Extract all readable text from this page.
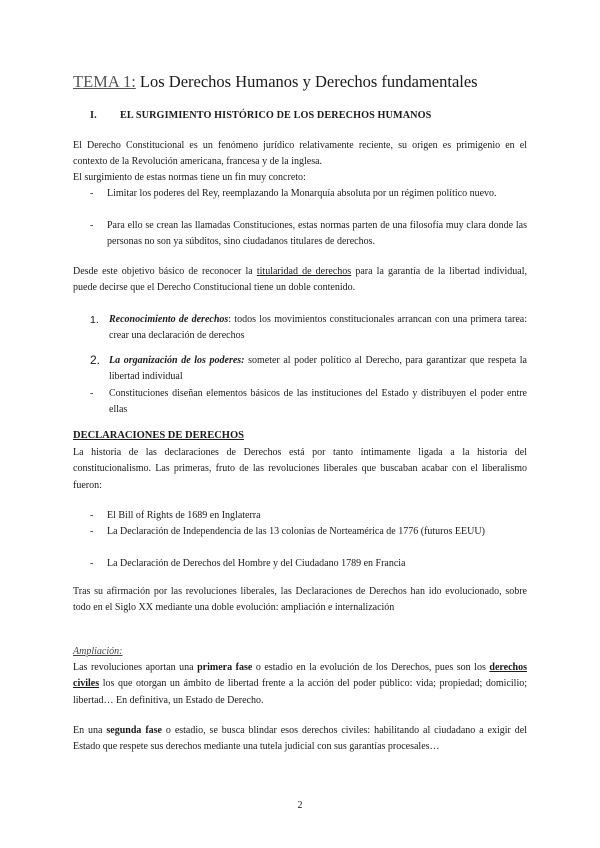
TEMA 1: Los Derechos Humanos y Derechos fundamentales
I. EL SURGIMIENTO HISTÓRICO DE LOS DERECHOS HUMANOS
El Derecho Constitucional es un fenómeno jurídico relativamente reciente, su origen es primigenio en el contexto de la Revolución americana, francesa y de la inglesa.
El surgimiento de estas normas tiene un fin muy concreto:
- Limitar los poderes del Rey, reemplazando la Monarquía absoluta por un régimen político nuevo.
- Para ello se crean las llamadas Constituciones, estas normas parten de una filosofía muy clara donde las personas no son ya súbditos, sino ciudadanos titulares de derechos.
Desde este objetivo básico de reconocer la titularidad de derechos para la garantía de la libertad individual, puede decirse que el Derecho Constitucional tiene un doble contenido.
1. Reconocimiento de derechos: todos los movimientos constitucionales arrancan con una primera tarea: crear una declaración de derechos
2. La organización de los poderes: someter al poder político al Derecho, para garantizar que respeta la libertad individual
- Constituciones diseñan elementos básicos de las instituciones del Estado y distribuyen el poder entre ellas
DECLARACIONES DE DERECHOS
La historia de las declaraciones de Derechos está por tanto íntimamente ligada a la historia del constitucionalismo. Las primeras, fruto de las revoluciones liberales que buscaban acabar con el liberalismo fueron:
- El Bill of Rights de 1689 en Inglaterra
- La Declaración de Independencia de las 13 colonias de Norteamérica de 1776 (futuros EEUU)
- La Declaración de Derechos del Hombre y del Ciudadano 1789 en Francia
Tras su afirmación por las revoluciones liberales, las Declaraciones de Derechos han ido evolucionado, sobre todo en el Siglo XX mediante una doble evolución: ampliación e internalización
Ampliación:
Las revoluciones aportan una primera fase o estadio en la evolución de los Derechos, pues son los derechos civiles los que otorgan un ámbito de libertad frente a la acción del poder público: vida; propiedad; domicilio; libertad… En definitiva, un Estado de Derecho.
En una segunda fase o estadio, se busca blindar esos derechos civiles: habilitando al ciudadano a exigir del Estado que respete sus derechos mediante una tutela judicial con sus garantías procesales…
2
